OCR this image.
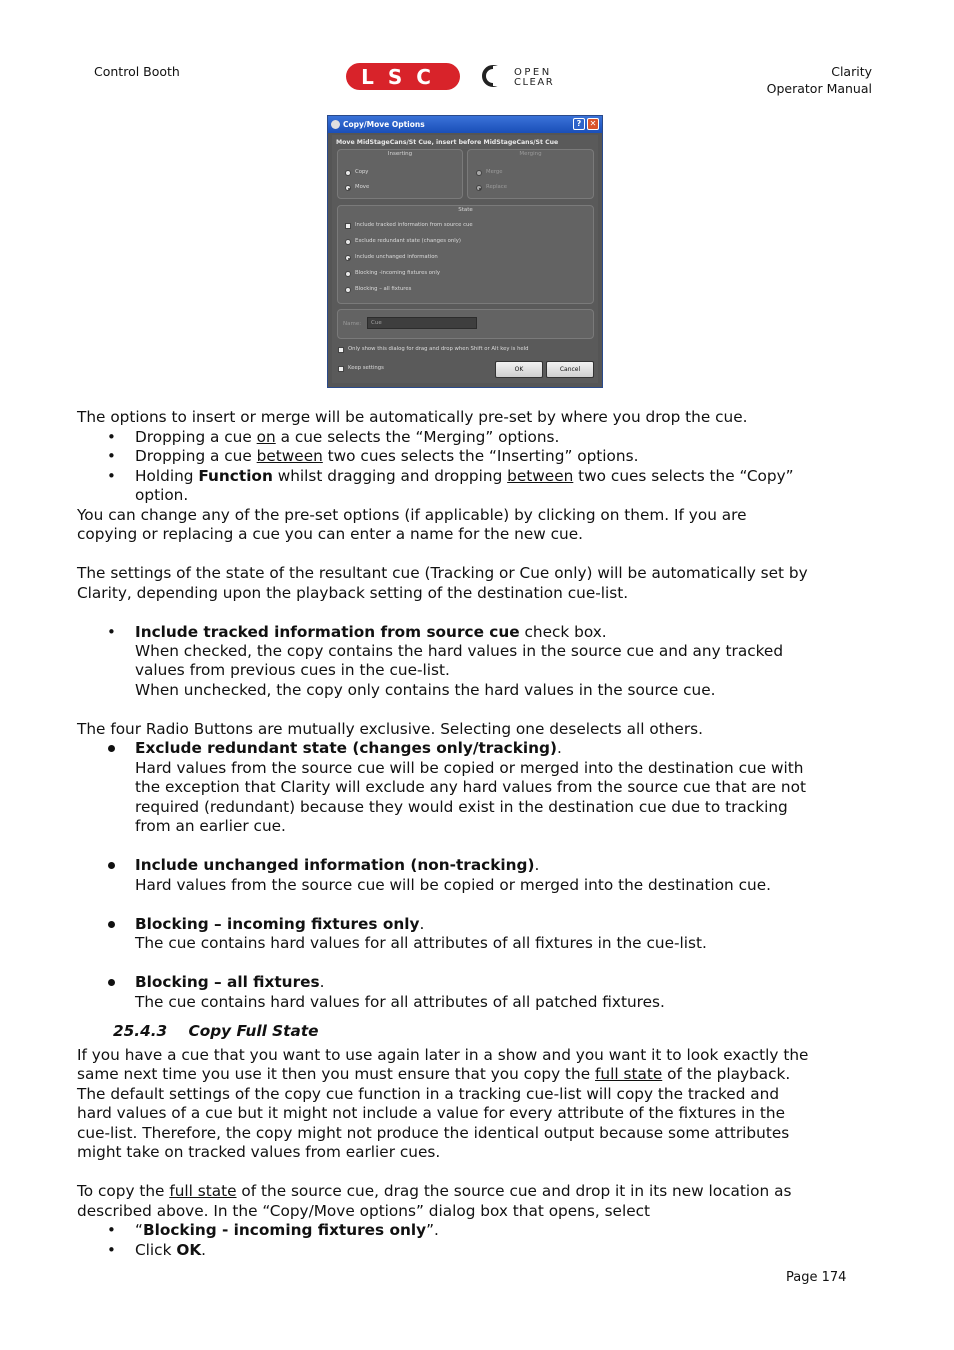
Control Booth	Clarity
Operator Manual
LSC	OPEN
CLEAR
Copy/Move Options	?	✕
Move MidStageCans/St Cue, insert before MidStageCans/St Cue
Inserting
Copy
Move
Merging
Merge
Replace
State
Include tracked information from source cue
Exclude redundant state (changes only)
Include unchanged information
Blocking -incoming fixtures only
Blocking – all fixtures
Name:	Cue
Only show this dialog for drag and drop when Shift or Alt key is held
Keep settings	OK	Cancel
The options to insert or merge will be automatically pre-set by where you drop the cue.
• Dropping a cue on a cue selects the “Merging” options.
• Dropping a cue between two cues selects the “Inserting” options.
• Holding Function whilst dragging and dropping between two cues selects the “Copy”
option.
You can change any of the pre-set options (if applicable) by clicking on them. If you are
copying or replacing a cue you can enter a name for the new cue.
The settings of the state of the resultant cue (Tracking or Cue only) will be automatically set by
Clarity, depending upon the playback setting of the destination cue-list.
• Include tracked information from source cue check box.
When checked, the copy contains the hard values in the source cue and any tracked
values from previous cues in the cue-list.
When unchecked, the copy only contains the hard values in the source cue.
The four Radio Buttons are mutually exclusive. Selecting one deselects all others.
Exclude redundant state (changes only/tracking).
Hard values from the source cue will be copied or merged into the destination cue with
the exception that Clarity will exclude any hard values from the source cue that are not
required (redundant) because they would exist in the destination cue due to tracking
from an earlier cue.
Include unchanged information (non-tracking).
Hard values from the source cue will be copied or merged into the destination cue.
Blocking – incoming fixtures only.
The cue contains hard values for all attributes of all fixtures in the cue-list.
Blocking – all fixtures.
The cue contains hard values for all attributes of all patched fixtures.
25.4.3    Copy Full State
If you have a cue that you want to use again later in a show and you want it to look exactly the
same next time you use it then you must ensure that you copy the full state of the playback.
The default settings of the copy cue function in a tracking cue-list will copy the tracked and
hard values of a cue but it might not include a value for every attribute of the fixtures in the
cue-list. Therefore, the copy might not produce the identical output because some attributes
might take on tracked values from earlier cues.
To copy the full state of the source cue, drag the source cue and drop it in its new location as
described above. In the “Copy/Move options” dialog box that opens, select
• “Blocking - incoming fixtures only”.
• Click OK.
Page 174
